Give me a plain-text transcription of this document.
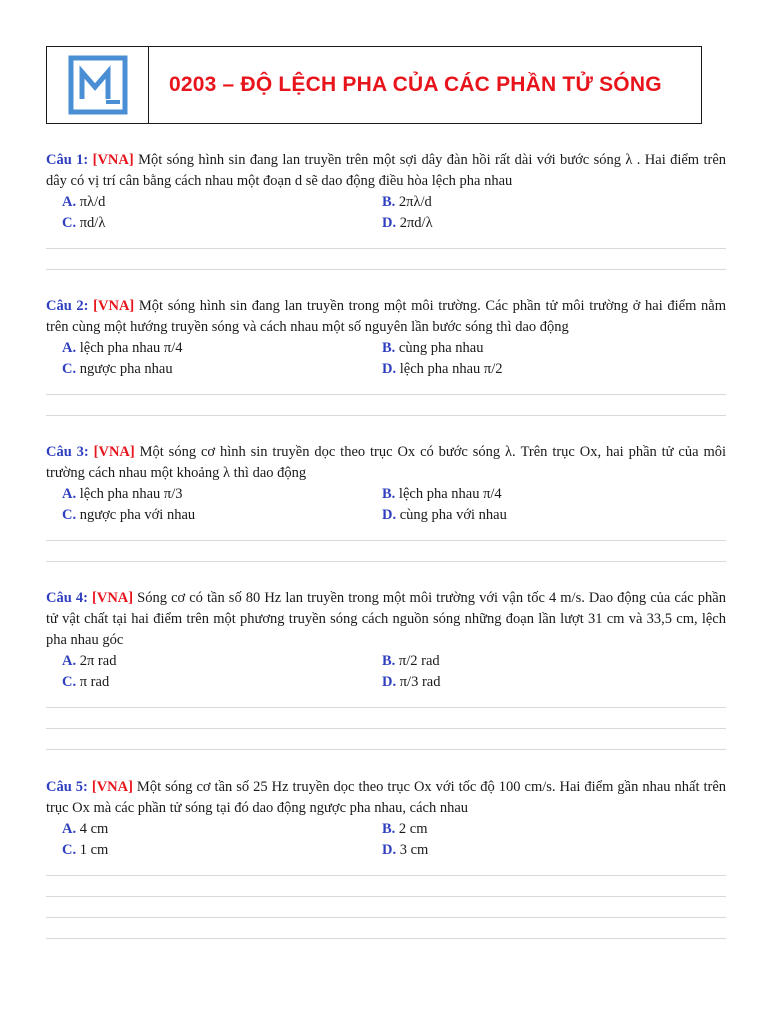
0203 – ĐỘ LỆCH PHA CỦA CÁC PHẦN TỬ SÓNG
Câu 1: [VNA] Một sóng hình sin đang lan truyền trên một sợi dây đàn hồi rất dài với bước sóng λ . Hai điểm trên dây có vị trí cân bằng cách nhau một đoạn d sẽ dao động điều hòa lệch pha nhau
A. πλ/d	B. 2πλ/d
C. πd/λ	D. 2πd/λ
Câu 2: [VNA] Một sóng hình sin đang lan truyền trong một môi trường. Các phần tử môi trường ở hai điểm nằm trên cùng một hướng truyền sóng và cách nhau một số nguyên lần bước sóng thì dao động
A. lệch pha nhau π/4	B. cùng pha nhau
C. ngược pha nhau	D. lệch pha nhau π/2
Câu 3: [VNA] Một sóng cơ hình sin truyền dọc theo trục Ox có bước sóng λ. Trên trục Ox, hai phần tử của môi trường cách nhau một khoảng λ thì dao động
A. lệch pha nhau π/3	B. lệch pha nhau π/4
C. ngược pha với nhau	D. cùng pha với nhau
Câu 4: [VNA] Sóng cơ có tần số 80 Hz lan truyền trong một môi trường với vận tốc 4 m/s. Dao động của các phần tử vật chất tại hai điểm trên một phương truyền sóng cách nguồn sóng những đoạn lần lượt 31 cm và 33,5 cm, lệch pha nhau góc
A. 2π rad	B. π/2 rad
C. π rad	D. π/3 rad
Câu 5: [VNA] Một sóng cơ tần số 25 Hz truyền dọc theo trục Ox với tốc độ 100 cm/s. Hai điểm gần nhau nhất trên trục Ox mà các phần tử sóng tại đó dao động ngược pha nhau, cách nhau
A. 4 cm	B. 2 cm
C. 1 cm	D. 3 cm
